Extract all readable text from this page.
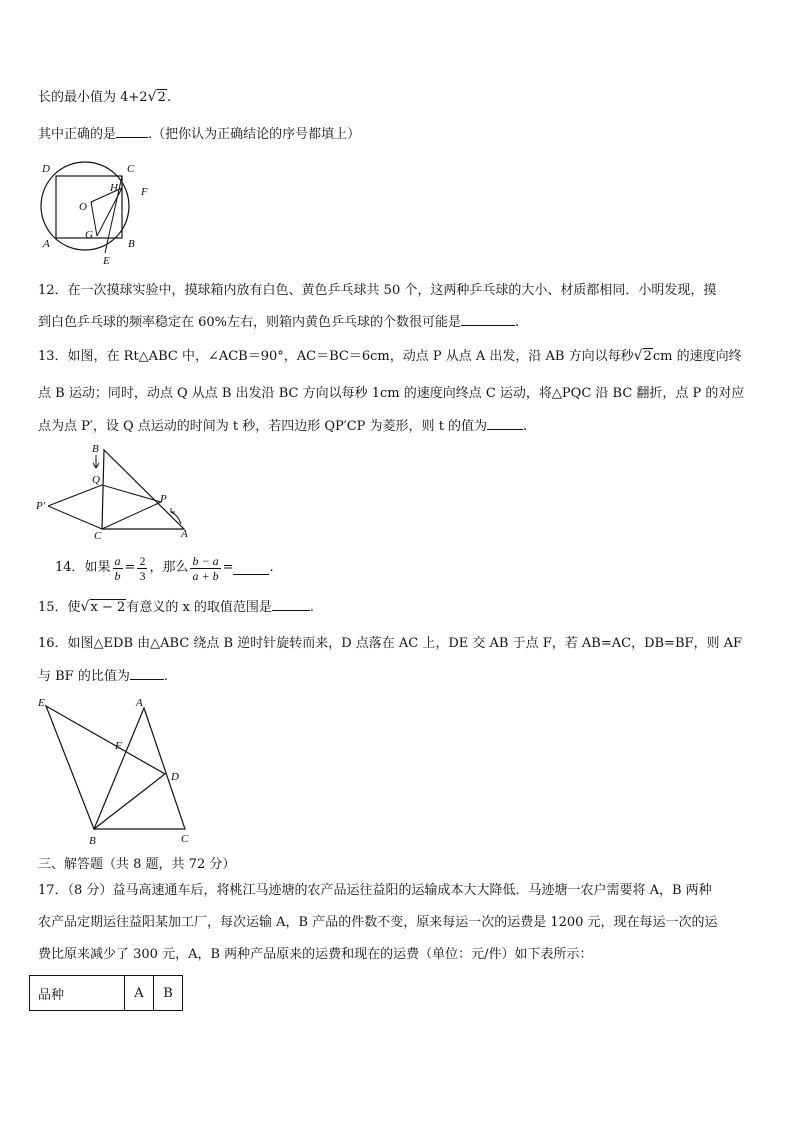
长的最小值为 4+2 √ 2.
其中正确的是 .（把你认为正确结论的序号都填上）
D	C
H F
O
G
A	B
E
12．在一次摸球实验中，摸球箱内放有白色、黄色乒乓球共 50 个，这两种乒乓球的大小、材质都相同．小明发现，摸
到白色乒乓球的频率稳定在 60%左右，则箱内黄色乒乓球的个数很可能是	.
13．如图，在 Rt△ABC 中，∠ACB＝90°，AC＝BC＝6cm，动点 P 从点 A 出发，沿 AB 方向以每秒 √ 2cm 的速度向终
点 B 运动；同时，动点 Q 从点 B 出发沿 BC 方向以每秒 1cm 的速度向终点 C 运动，将△PQC 沿 BC 翻折，点 P 的对应
点为点 P′，设 Q 点运动的时间为 t 秒，若四边形 QP′CP 为菱形，则 t 的值为	.
B
Q
P′
P
C	A
14．如果 $\frac{a}{b} = \frac{2}{3}$ ，那么 $\frac{b - a}{a + b}$ =	.
15．使 √ x − 2有意义的 x 的取值范围是	.
16．如图△EDB 由△ABC 绕点 B 逆时针旋转而来，D 点落在 AC 上，DE 交 AB 于点 F，若 AB=AC，DB=BF，则 AF
与 BF 的比值为	.
E	A
F
D
B	C
三、解答题（共 8 题，共 72 分）
17．（8 分）益马高速通车后，将桃江马迹塘的农产品运往益阳的运输成本大大降低．马迹塘一农户需要将 A，B 两种
农产品定期运往益阳某加工厂，每次运输 A，B 产品的件数不变，原来每运一次的运费是 1200 元，现在每运一次的运
费比原来减少了 300 元，A，B 两种产品原来的运费和现在的运费（单位：元/件）如下表所示：
品种	A	B
